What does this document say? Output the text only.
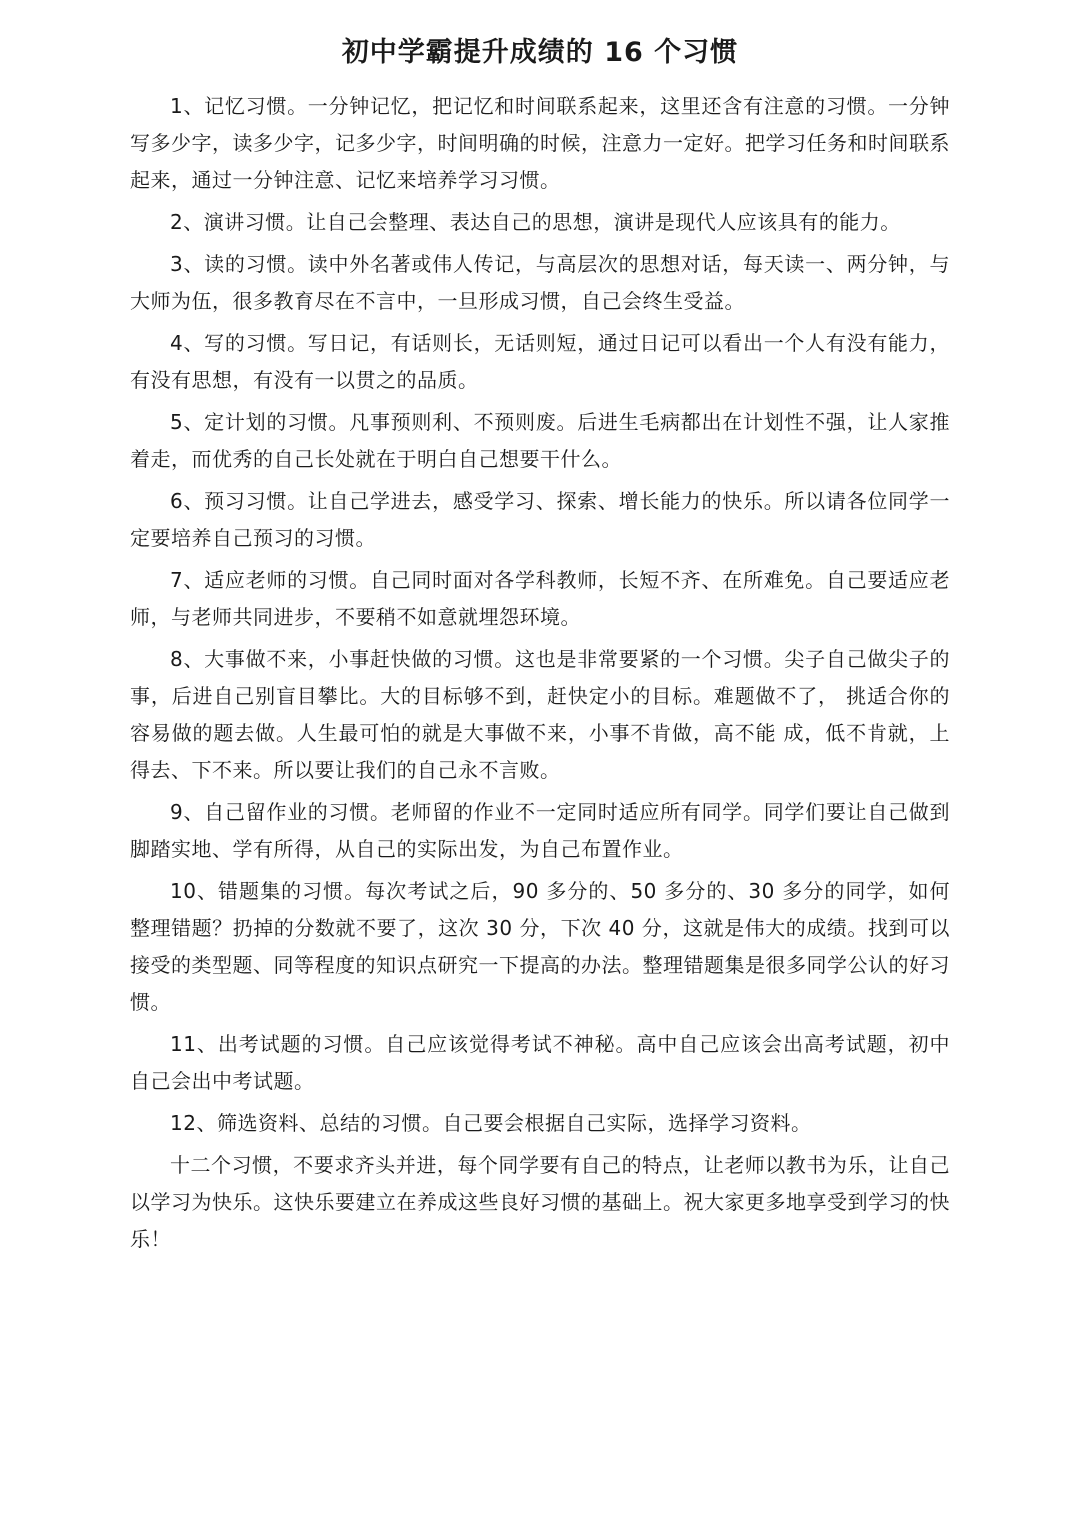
初中学霸提升成绩的 16 个习惯

1、记忆习惯。一分钟记忆，把记忆和时间联系起来，这里还含有注意的习惯。一分钟写多少字，读多少字，记多少字，时间明确的时候，注意力一定好。把学习任务和时间联系起来，通过一分钟注意、记忆来培养学习习惯。

2、演讲习惯。让自己会整理、表达自己的思想，演讲是现代人应该具有的能力。

3、读的习惯。读中外名著或伟人传记，与高层次的思想对话，每天读一、两分钟，与大师为伍，很多教育尽在不言中，一旦形成习惯，自己会终生受益。

4、写的习惯。写日记，有话则长，无话则短，通过日记可以看出一个人有没有能力，有没有思想，有没有一以贯之的品质。

5、定计划的习惯。凡事预则利、不预则废。后进生毛病都出在计划性不强，让人家推着走，而优秀的自己长处就在于明白自己想要干什么。

6、预习习惯。让自己学进去，感受学习、探索、增长能力的快乐。所以请各位同学一定要培养自己预习的习惯。

7、适应老师的习惯。自己同时面对各学科教师，长短不齐、在所难免。自己要适应老师，与老师共同进步，不要稍不如意就埋怨环境。

8、大事做不来，小事赶快做的习惯。这也是非常要紧的一个习惯。尖子自己做尖子的事，后进自己别盲目攀比。大的目标够不到，赶快定小的目标。难题做不了， 挑适合你的容易做的题去做。人生最可怕的就是大事做不来，小事不肯做，高不能 成，低不肯就，上得去、下不来。所以要让我们的自己永不言败。

9、自己留作业的习惯。老师留的作业不一定同时适应所有同学。同学们要让自己做到脚踏实地、学有所得，从自己的实际出发，为自己布置作业。

10、错题集的习惯。每次考试之后，90 多分的、50 多分的、30 多分的同学，如何整理错题？扔掉的分数就不要了，这次 30 分，下次 40 分，这就是伟大的成绩。找到可以接受的类型题、同等程度的知识点研究一下提高的办法。整理错题集是很多同学公认的好习惯。

11、出考试题的习惯。自己应该觉得考试不神秘。高中自己应该会出高考试题，初中自己会出中考试题。

12、筛选资料、总结的习惯。自己要会根据自己实际，选择学习资料。

十二个习惯，不要求齐头并进，每个同学要有自己的特点，让老师以教书为乐，让自己以学习为快乐。这快乐要建立在养成这些良好习惯的基础上。祝大家更多地享受到学习的快乐！
